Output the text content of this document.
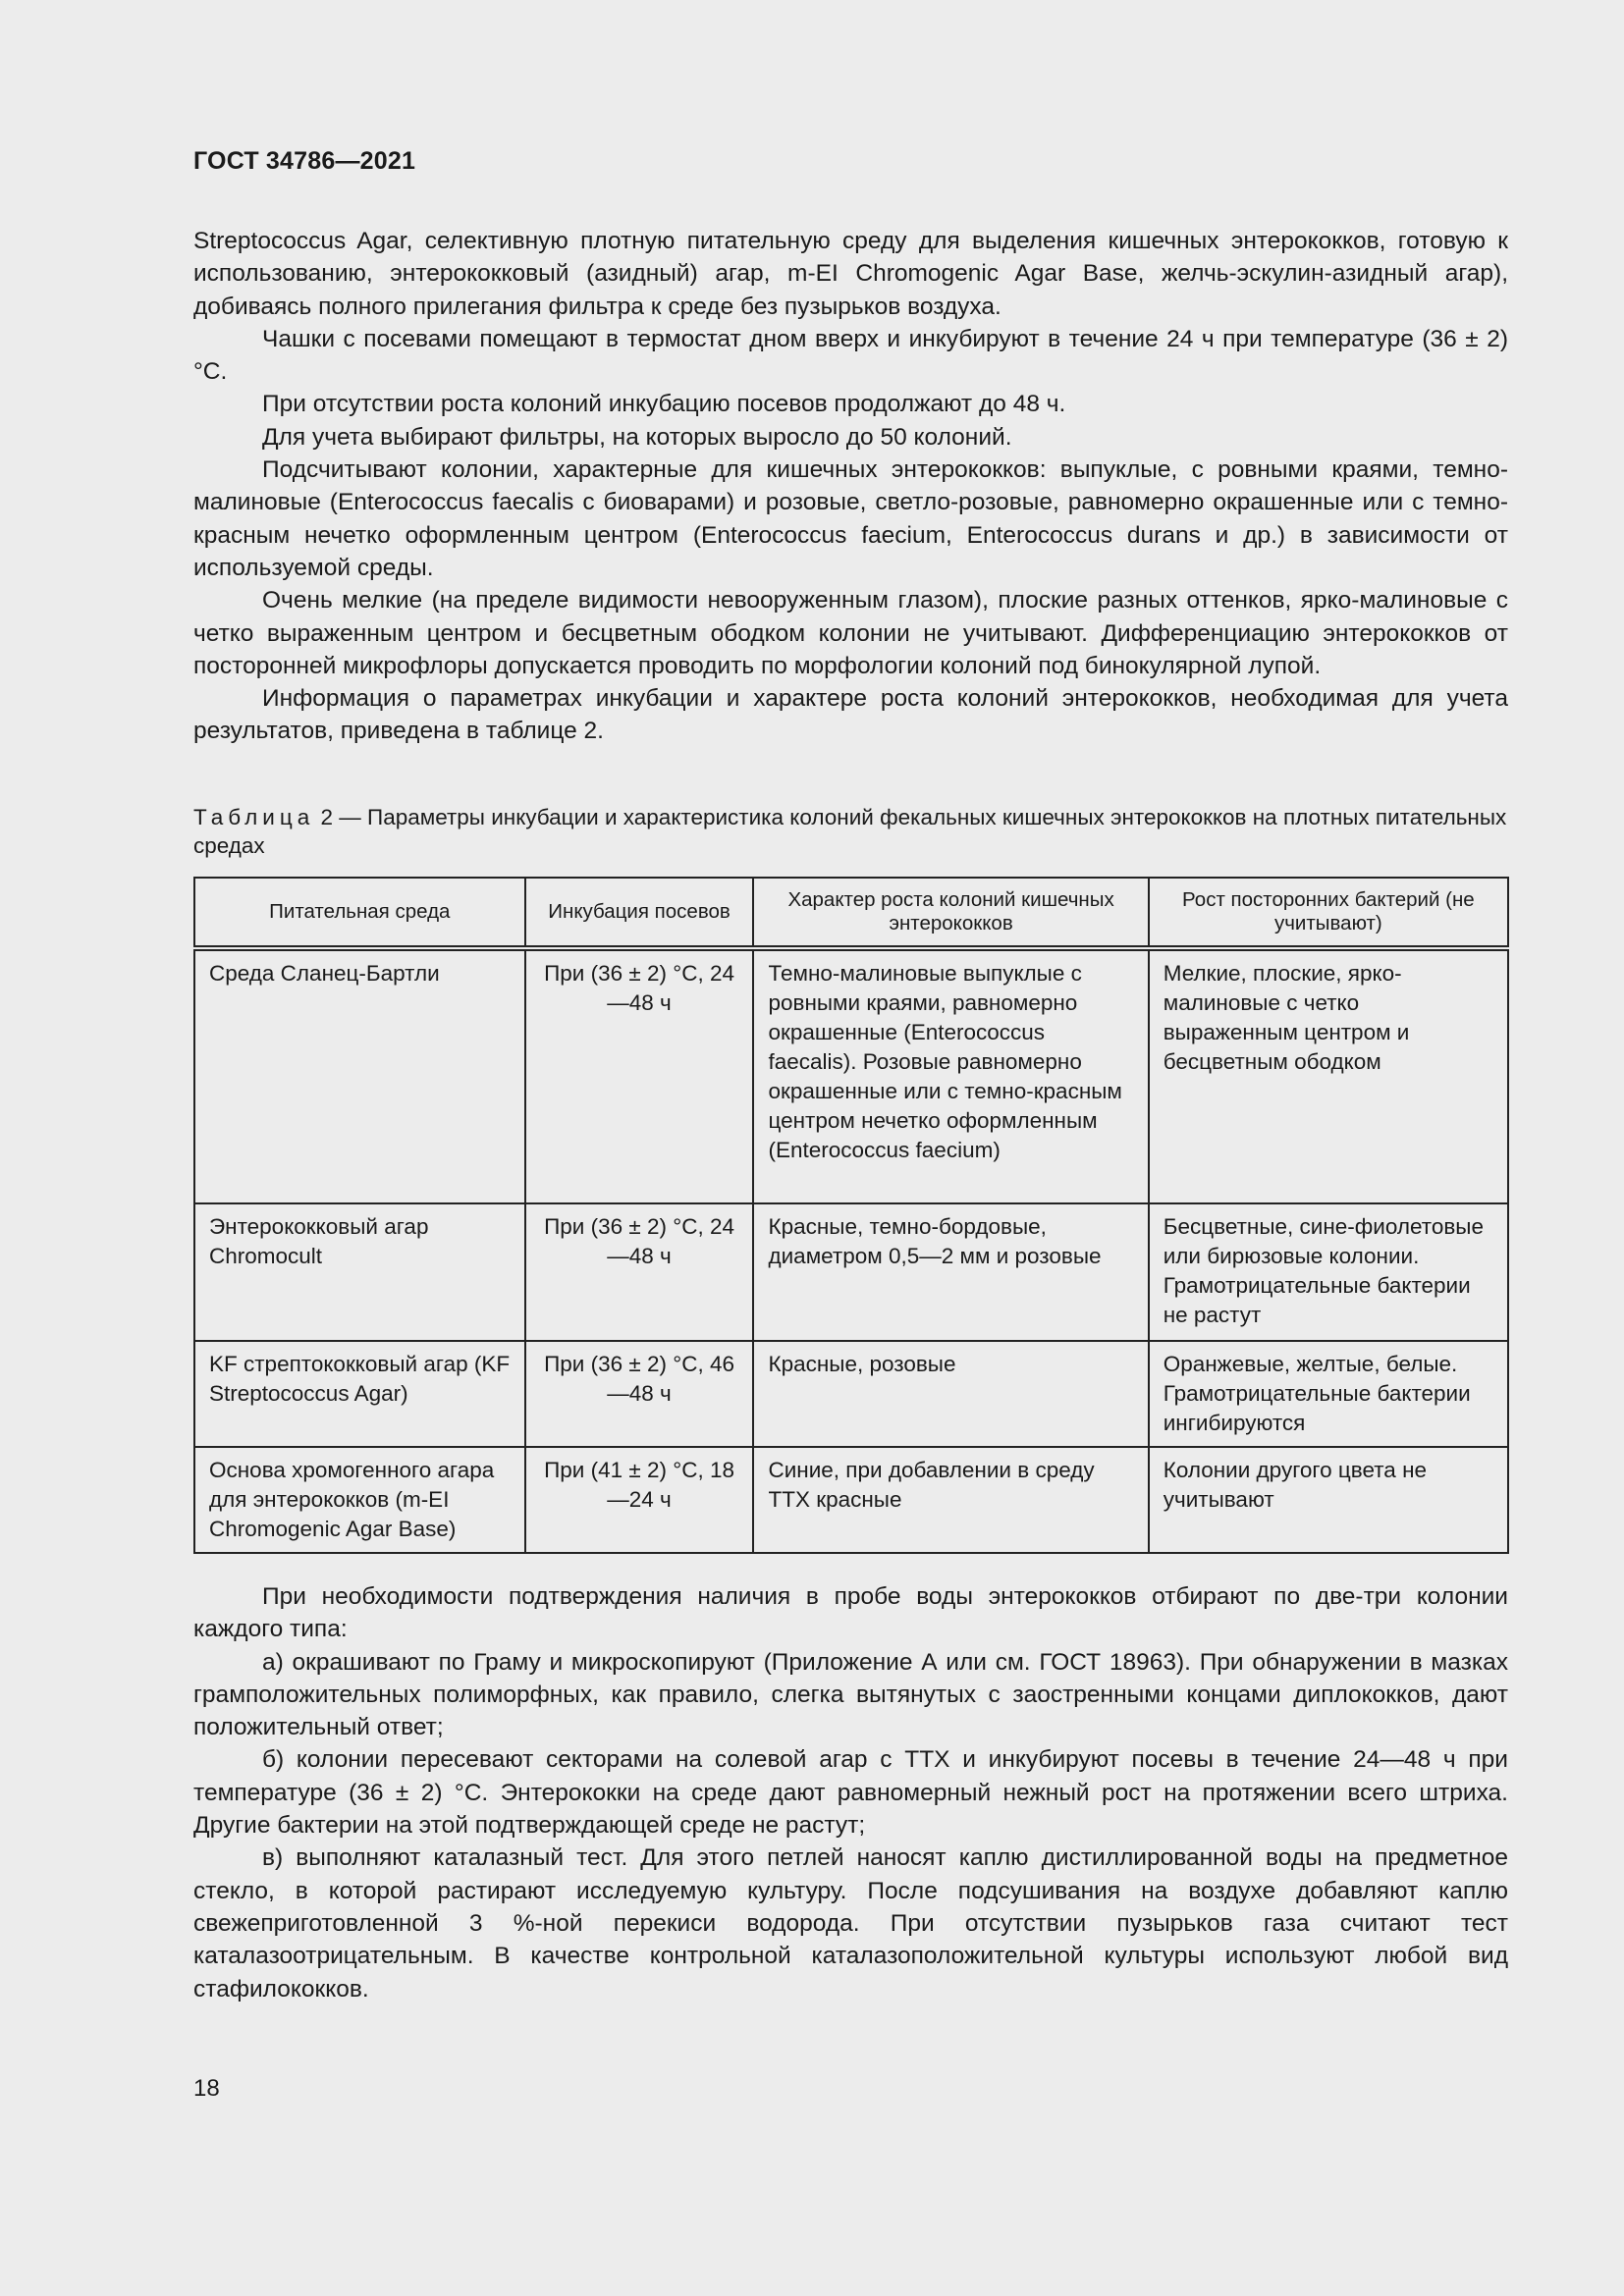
ГОСТ 34786—2021

Streptococcus Agar, селективную плотную питательную среду для выделения кишечных энтерококков, готовую к использованию, энтерококковый (азидный) агар, m-EI Chromogenic Agar Base, желчь-эскулин-азидный агар), добиваясь полного прилегания фильтра к среде без пузырьков воздуха.

Чашки с посевами помещают в термостат дном вверх и инкубируют в течение 24 ч при температуре (36 ± 2) °C.

При отсутствии роста колоний инкубацию посевов продолжают до 48 ч.

Для учета выбирают фильтры, на которых выросло до 50 колоний.

Подсчитывают колонии, характерные для кишечных энтерококков: выпуклые, с ровными краями, темно-малиновые (Enterococcus faecalis с биоварами) и розовые, светло-розовые, равномерно окрашенные или с темно-красным нечетко оформленным центром (Enterococcus faecium, Enterococcus durans и др.) в зависимости от используемой среды.

Очень мелкие (на пределе видимости невооруженным глазом), плоские разных оттенков, ярко-малиновые с четко выраженным центром и бесцветным ободком колонии не учитывают. Дифференциацию энтерококков от посторонней микрофлоры допускается проводить по морфологии колоний под бинокулярной лупой.

Информация о параметрах инкубации и характере роста колоний энтерококков, необходимая для учета результатов, приведена в таблице 2.

Таблица 2 — Параметры инкубации и характеристика колоний фекальных кишечных энтерококков на плотных питательных средах
Питательная среда	Инкубация посевов	Характер роста колоний кишечных энтерококков	Рост посторонних бактерий (не учитывают)
Среда Сланец-Бартли	При (36 ± 2) °С, 24—48 ч	Темно-малиновые выпуклые с ровными краями, равномерно окрашенные (Enterococcus faecalis). Розовые равномерно окрашенные или с темно-красным центром нечетко оформленным (Enterococcus faecium)	Мелкие, плоские, ярко-малиновые с четко выраженным центром и бесцветным ободком
Энтерококковый агар Chromocult	При (36 ± 2) °С, 24—48 ч	Красные, темно-бордовые, диаметром 0,5—2 мм и розовые	Бесцветные, сине-фиолетовые или бирюзовые колонии. Грамотрицательные бактерии не растут
KF стрептококковый агар (KF Streptococcus Agar)	При (36 ± 2) °С, 46—48 ч	Красные, розовые	Оранжевые, желтые, белые. Грамотрицательные бактерии ингибируются
Основа хромогенного агара для энтерококков (m-EI Chromogenic Agar Base)	При (41 ± 2) °С, 18—24 ч	Синие, при добавлении в среду ТТХ красные	Колонии другого цвета не учитывают

При необходимости подтверждения наличия в пробе воды энтерококков отбирают по две-три колонии каждого типа:

а) окрашивают по Граму и микроскопируют (Приложение А или см. ГОСТ 18963). При обнаружении в мазках грамположительных полиморфных, как правило, слегка вытянутых с заостренными концами диплококков, дают положительный ответ;

б) колонии пересевают секторами на солевой агар с ТТХ и инкубируют посевы в течение 24—48 ч при температуре (36 ± 2) °С. Энтерококки на среде дают равномерный нежный рост на протяжении всего штриха. Другие бактерии на этой подтверждающей среде не растут;

в) выполняют каталазный тест. Для этого петлей наносят каплю дистиллированной воды на предметное стекло, в которой растирают исследуемую культуру. После подсушивания на воздухе добавляют каплю свежеприготовленной 3 %-ной перекиси водорода. При отсутствии пузырьков газа считают тест каталазоотрицательным. В качестве контрольной каталазоположительной культуры используют любой вид стафилококков.

18
